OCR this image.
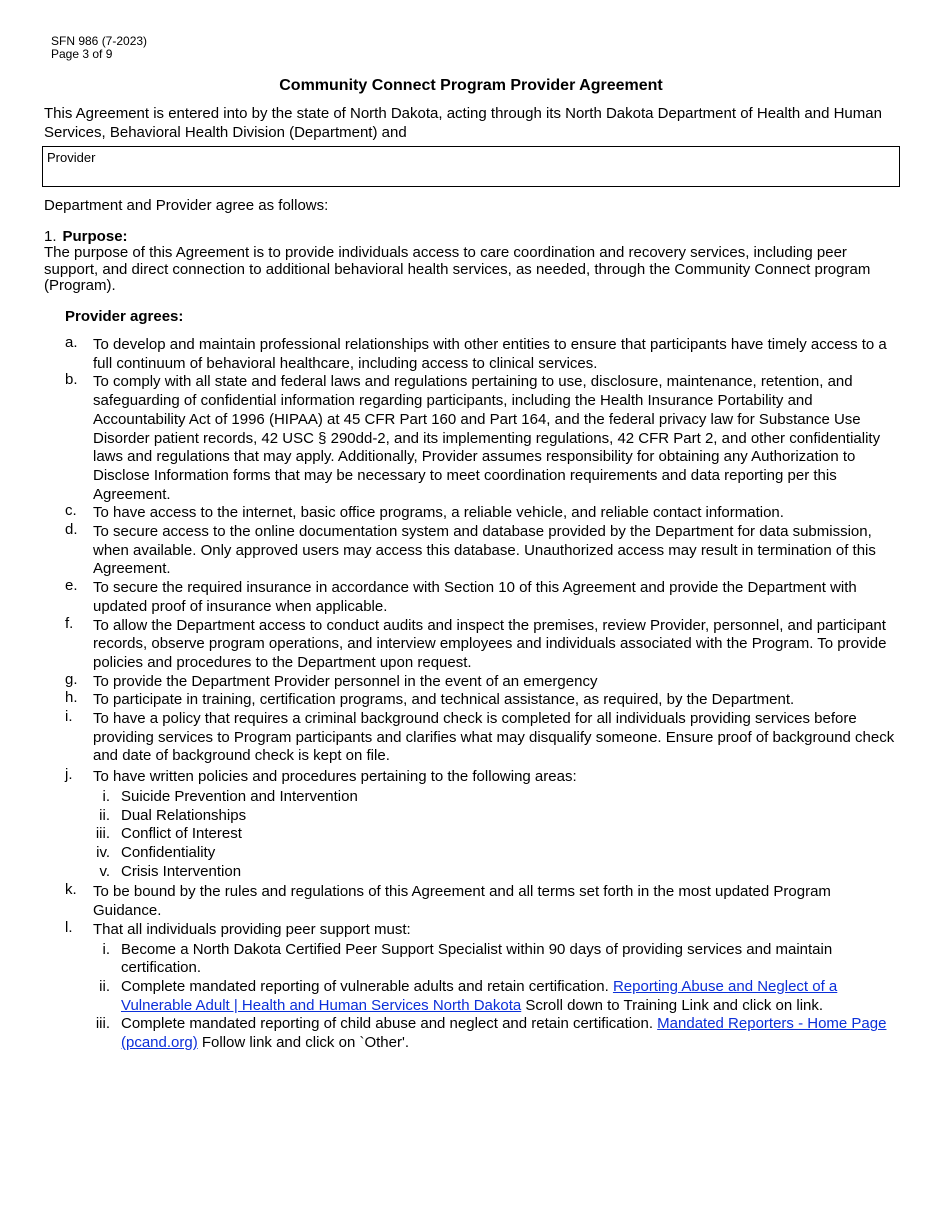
SFN 986 (7-2023)
Page 3 of 9
Community Connect Program Provider Agreement
This Agreement is entered into by the state of North Dakota, acting through its North Dakota Department of Health and Human Services, Behavioral Health Division (Department) and
Provider
Department and Provider agree as follows:
1. Purpose:
The purpose of this Agreement is to provide individuals access to care coordination and recovery services, including peer support, and direct connection to additional behavioral health services, as needed, through the Community Connect program (Program).
Provider agrees:
a. To develop and maintain professional relationships with other entities to ensure that participants have timely access to a full continuum of behavioral healthcare, including access to clinical services.
b. To comply with all state and federal laws and regulations pertaining to use, disclosure, maintenance, retention, and safeguarding of confidential information regarding participants, including the Health Insurance Portability and Accountability Act of 1996 (HIPAA) at 45 CFR Part 160 and Part 164, and the federal privacy law for Substance Use Disorder patient records, 42 USC § 290dd-2, and its implementing regulations, 42 CFR Part 2, and other confidentiality laws and regulations that may apply. Additionally, Provider assumes responsibility for obtaining any Authorization to Disclose Information forms that may be necessary to meet coordination requirements and data reporting per this Agreement.
c. To have access to the internet, basic office programs, a reliable vehicle, and reliable contact information.
d. To secure access to the online documentation system and database provided by the Department for data submission, when available. Only approved users may access this database. Unauthorized access may result in termination of this Agreement.
e. To secure the required insurance in accordance with Section 10 of this Agreement and provide the Department with updated proof of insurance when applicable.
f. To allow the Department access to conduct audits and inspect the premises, review Provider, personnel, and participant records, observe program operations, and interview employees and individuals associated with the Program. To provide policies and procedures to the Department upon request.
g. To provide the Department Provider personnel in the event of an emergency
h. To participate in training, certification programs, and technical assistance, as required, by the Department.
i. To have a policy that requires a criminal background check is completed for all individuals providing services before providing services to Program participants and clarifies what may disqualify someone. Ensure proof of background check and date of background check is kept on file.
j. To have written policies and procedures pertaining to the following areas:
i. Suicide Prevention and Intervention
ii. Dual Relationships
iii. Conflict of Interest
iv. Confidentiality
v. Crisis Intervention
k. To be bound by the rules and regulations of this Agreement and all terms set forth in the most updated Program Guidance.
l. That all individuals providing peer support must:
i. Become a North Dakota Certified Peer Support Specialist within 90 days of providing services and maintain certification.
ii. Complete mandated reporting of vulnerable adults and retain certification. Reporting Abuse and Neglect of a Vulnerable Adult | Health and Human Services North Dakota Scroll down to Training Link and click on link.
iii. Complete mandated reporting of child abuse and neglect and retain certification. Mandated Reporters - Home Page (pcand.org) Follow link and click on `Other'.
